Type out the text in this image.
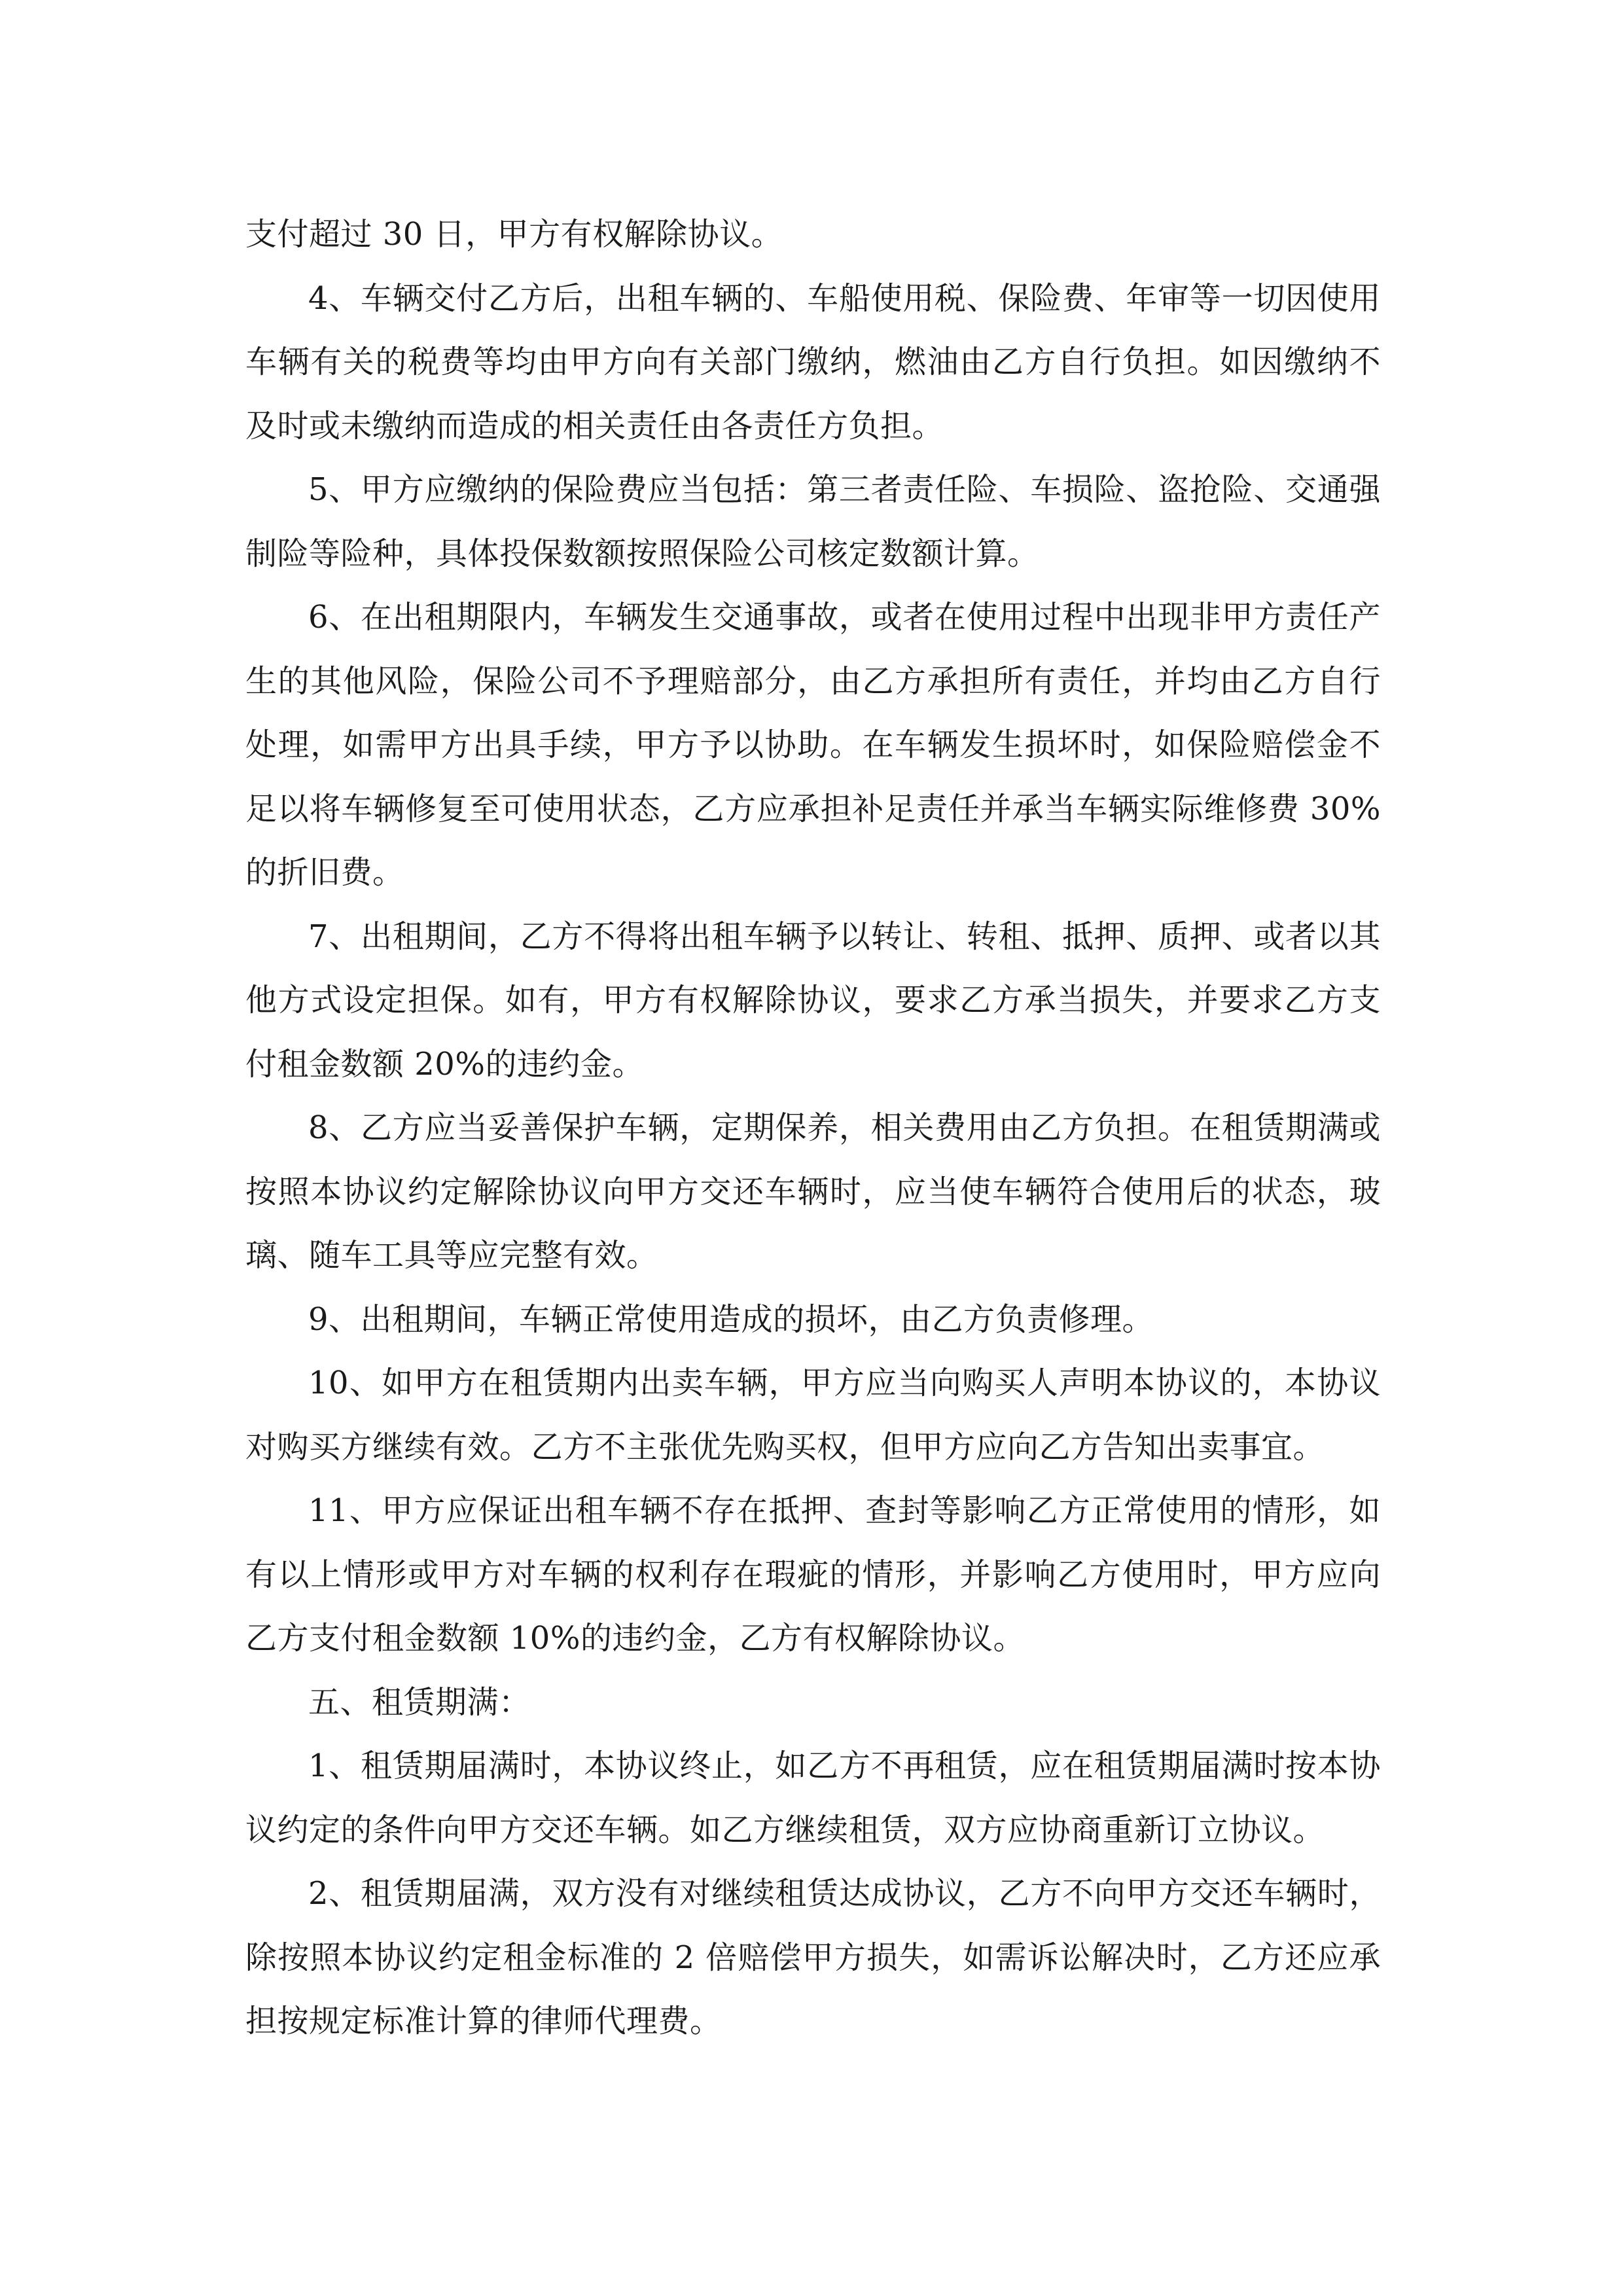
支付超过 30 日，甲方有权解除协议。

4、车辆交付乙方后，出租车辆的、车船使用税、保险费、年审等一切因使用车辆有关的税费等均由甲方向有关部门缴纳，燃油由乙方自行负担。如因缴纳不及时或未缴纳而造成的相关责任由各责任方负担。

5、甲方应缴纳的保险费应当包括：第三者责任险、车损险、盗抢险、交通强制险等险种，具体投保数额按照保险公司核定数额计算。

6、在出租期限内，车辆发生交通事故，或者在使用过程中出现非甲方责任产生的其他风险，保险公司不予理赔部分，由乙方承担所有责任，并均由乙方自行处理，如需甲方出具手续，甲方予以协助。在车辆发生损坏时，如保险赔偿金不足以将车辆修复至可使用状态，乙方应承担补足责任并承当车辆实际维修费 30%的折旧费。

7、出租期间，乙方不得将出租车辆予以转让、转租、抵押、质押、或者以其他方式设定担保。如有，甲方有权解除协议，要求乙方承当损失，并要求乙方支付租金数额 20%的违约金。

8、乙方应当妥善保护车辆，定期保养，相关费用由乙方负担。在租赁期满或按照本协议约定解除协议向甲方交还车辆时，应当使车辆符合使用后的状态，玻璃、随车工具等应完整有效。

9、出租期间，车辆正常使用造成的损坏，由乙方负责修理。

10、如甲方在租赁期内出卖车辆，甲方应当向购买人声明本协议的，本协议对购买方继续有效。乙方不主张优先购买权，但甲方应向乙方告知出卖事宜。

11、甲方应保证出租车辆不存在抵押、查封等影响乙方正常使用的情形，如有以上情形或甲方对车辆的权利存在瑕疵的情形，并影响乙方使用时，甲方应向乙方支付租金数额 10%的违约金，乙方有权解除协议。

五、租赁期满：

1、租赁期届满时，本协议终止，如乙方不再租赁，应在租赁期届满时按本协议约定的条件向甲方交还车辆。如乙方继续租赁，双方应协商重新订立协议。

2、租赁期届满，双方没有对继续租赁达成协议，乙方不向甲方交还车辆时，除按照本协议约定租金标准的 2 倍赔偿甲方损失，如需诉讼解决时，乙方还应承担按规定标准计算的律师代理费。
